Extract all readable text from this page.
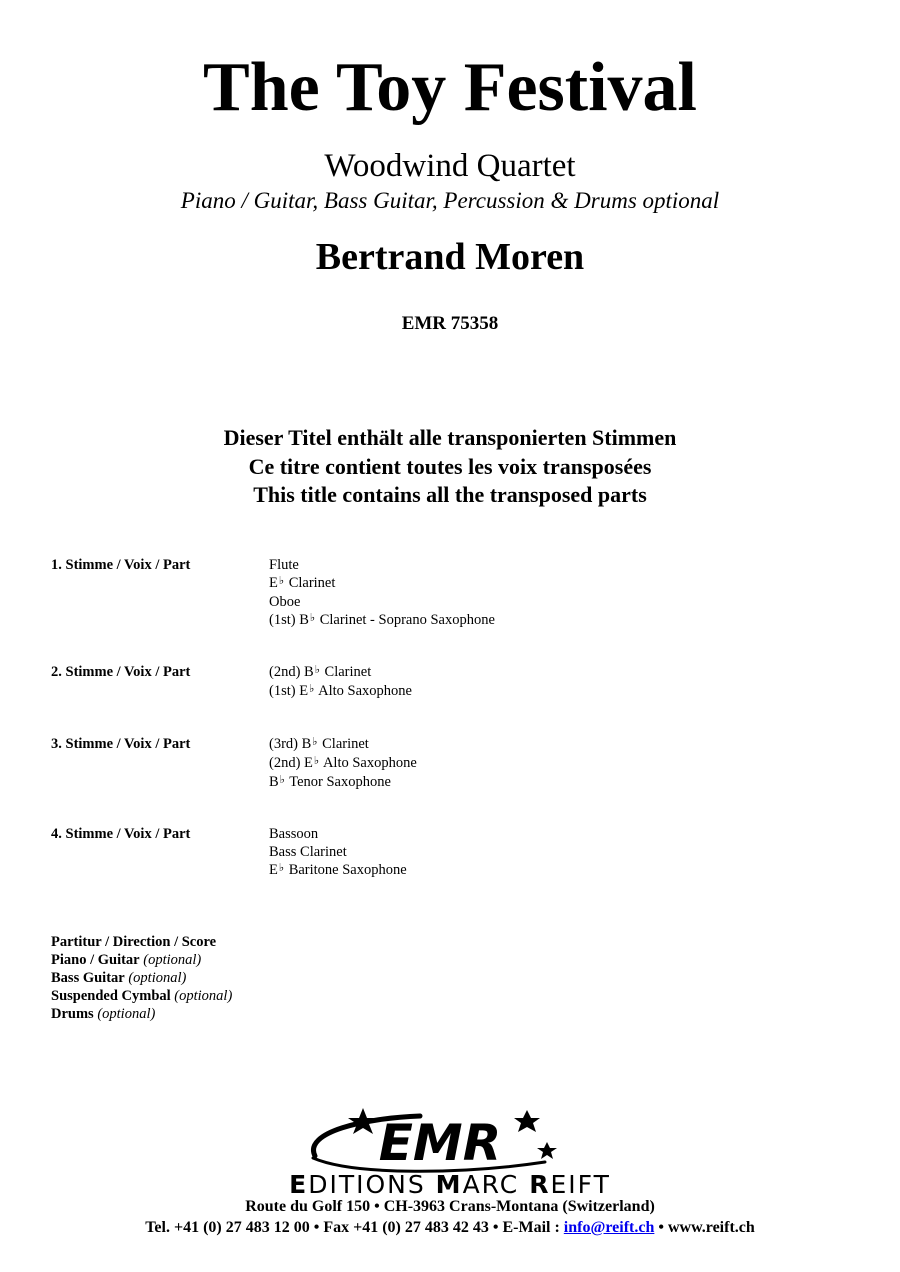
The Toy Festival
Woodwind Quartet
Piano / Guitar, Bass Guitar, Percussion & Drums optional
Bertrand Moren
EMR 75358
Dieser Titel enthält alle transponierten Stimmen
Ce titre contient toutes les voix transposées
This title contains all the transposed parts
1. Stimme / Voix / Part	Flute
E♭ Clarinet
Oboe
(1st) B♭ Clarinet - Soprano Saxophone
2. Stimme / Voix / Part	(2nd) B♭ Clarinet
(1st) E♭ Alto Saxophone
3. Stimme / Voix / Part	(3rd) B♭ Clarinet
(2nd) E♭ Alto Saxophone
B♭ Tenor Saxophone
4. Stimme / Voix / Part	Bassoon
Bass Clarinet
E♭ Baritone Saxophone
Partitur / Direction / Score
Piano / Guitar (optional)
Bass Guitar (optional)
Suspended Cymbal (optional)
Drums (optional)
EMR
EDITIONS MARC REIFT
Route du Golf 150 • CH-3963 Crans-Montana (Switzerland)
Tel. +41 (0) 27 483 12 00 • Fax +41 (0) 27 483 42 43 • E-Mail : info@reift.ch • www.reift.ch
